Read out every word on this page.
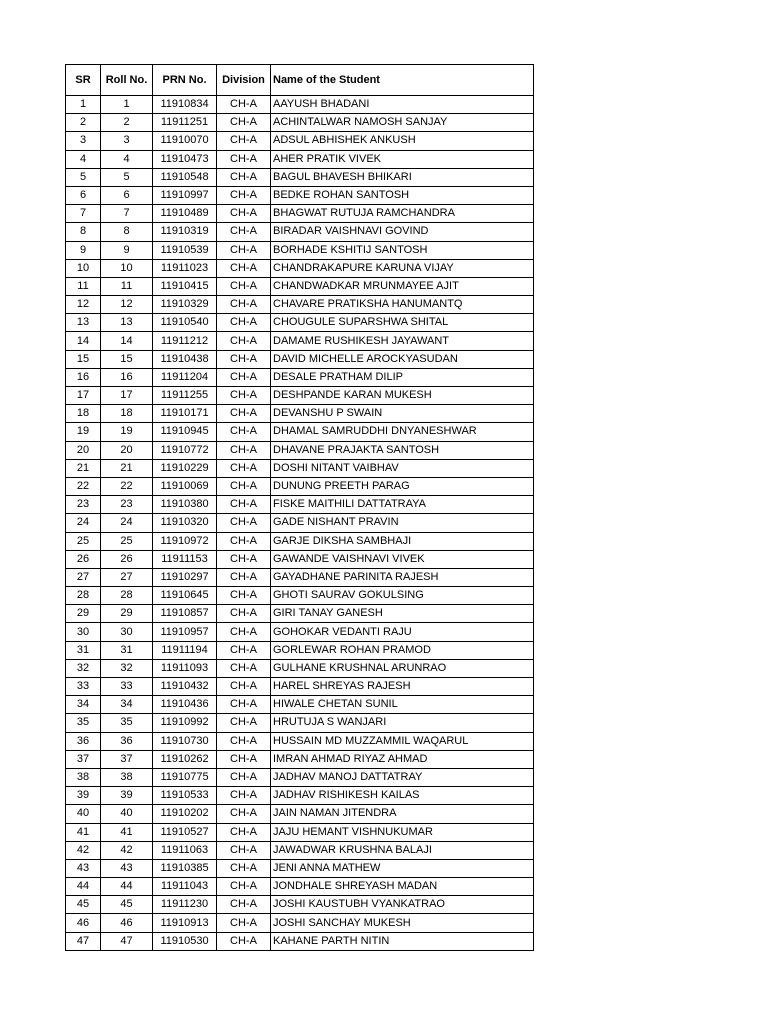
SR	Roll No.	PRN No.	Division	Name of the Student
1	1	11910834	CH-A	AAYUSH BHADANI
2	2	11911251	CH-A	ACHINTALWAR NAMOSH SANJAY
3	3	11910070	CH-A	ADSUL ABHISHEK ANKUSH
4	4	11910473	CH-A	AHER PRATIK VIVEK
5	5	11910548	CH-A	BAGUL BHAVESH BHIKARI
6	6	11910997	CH-A	BEDKE ROHAN SANTOSH
7	7	11910489	CH-A	BHAGWAT RUTUJA RAMCHANDRA
8	8	11910319	CH-A	BIRADAR VAISHNAVI GOVIND
9	9	11910539	CH-A	BORHADE KSHITIJ SANTOSH
10	10	11911023	CH-A	CHANDRAKAPURE KARUNA VIJAY
11	11	11910415	CH-A	CHANDWADKAR MRUNMAYEE AJIT
12	12	11910329	CH-A	CHAVARE PRATIKSHA HANUMANTQ
13	13	11910540	CH-A	CHOUGULE SUPARSHWA SHITAL
14	14	11911212	CH-A	DAMAME RUSHIKESH JAYAWANT
15	15	11910438	CH-A	DAVID MICHELLE AROCKYASUDAN
16	16	11911204	CH-A	DESALE PRATHAM DILIP
17	17	11911255	CH-A	DESHPANDE KARAN MUKESH
18	18	11910171	CH-A	DEVANSHU P SWAIN
19	19	11910945	CH-A	DHAMAL SAMRUDDHI DNYANESHWAR
20	20	11910772	CH-A	DHAVANE PRAJAKTA SANTOSH
21	21	11910229	CH-A	DOSHI NITANT VAIBHAV
22	22	11910069	CH-A	DUNUNG PREETH PARAG
23	23	11910380	CH-A	FISKE MAITHILI DATTATRAYA
24	24	11910320	CH-A	GADE NISHANT PRAVIN
25	25	11910972	CH-A	GARJE DIKSHA SAMBHAJI
26	26	11911153	CH-A	GAWANDE VAISHNAVI VIVEK
27	27	11910297	CH-A	GAYADHANE PARINITA RAJESH
28	28	11910645	CH-A	GHOTI SAURAV GOKULSING
29	29	11910857	CH-A	GIRI TANAY GANESH
30	30	11910957	CH-A	GOHOKAR VEDANTI RAJU
31	31	11911194	CH-A	GORLEWAR ROHAN PRAMOD
32	32	11911093	CH-A	GULHANE KRUSHNAL ARUNRAO
33	33	11910432	CH-A	HAREL SHREYAS RAJESH
34	34	11910436	CH-A	HIWALE CHETAN SUNIL
35	35	11910992	CH-A	HRUTUJA S WANJARI
36	36	11910730	CH-A	HUSSAIN MD MUZZAMMIL WAQARUL
37	37	11910262	CH-A	IMRAN AHMAD RIYAZ AHMAD
38	38	11910775	CH-A	JADHAV MANOJ DATTATRAY
39	39	11910533	CH-A	JADHAV RISHIKESH KAILAS
40	40	11910202	CH-A	JAIN NAMAN JITENDRA
41	41	11910527	CH-A	JAJU HEMANT VISHNUKUMAR
42	42	11911063	CH-A	JAWADWAR KRUSHNA BALAJI
43	43	11910385	CH-A	JENI ANNA MATHEW
44	44	11911043	CH-A	JONDHALE SHREYASH MADAN
45	45	11911230	CH-A	JOSHI KAUSTUBH VYANKATRAO
46	46	11910913	CH-A	JOSHI SANCHAY MUKESH
47	47	11910530	CH-A	KAHANE PARTH NITIN
